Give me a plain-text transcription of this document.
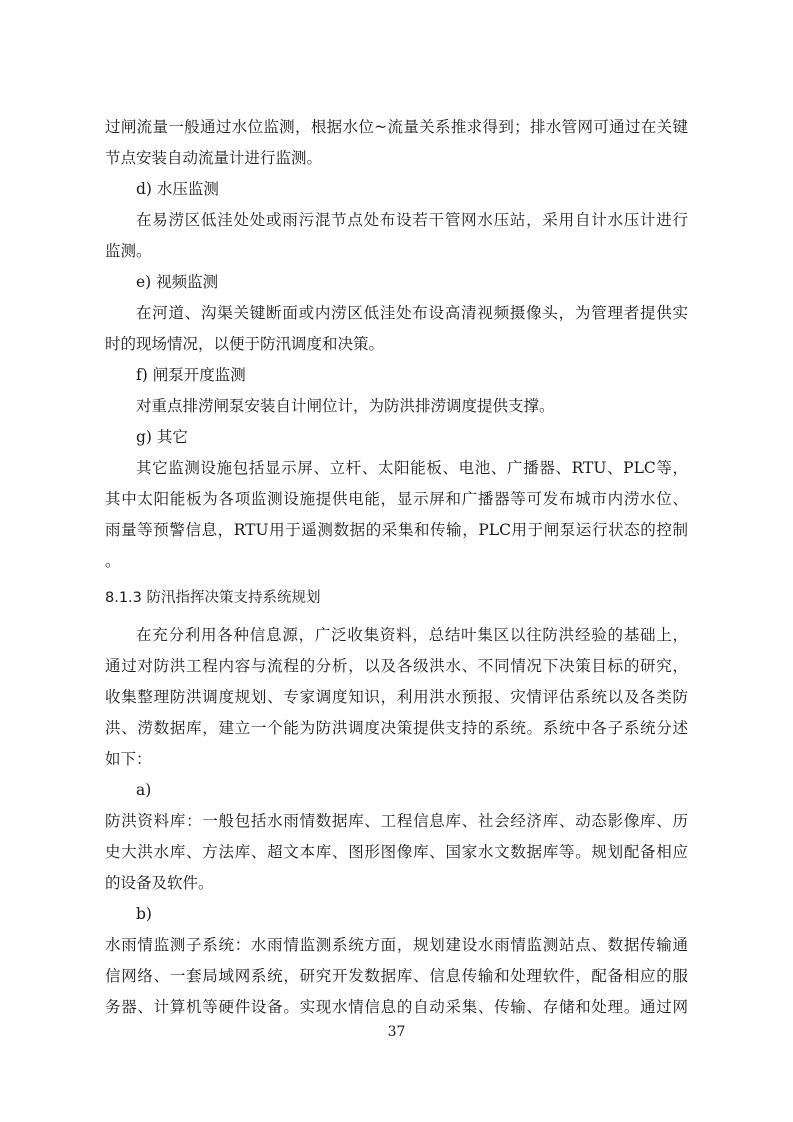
过闸流量一般通过水位监测，根据水位~流量关系推求得到；排水管网可通过在关键
节点安装自动流量计进行监测。
d) 水压监测
在易涝区低洼处处或雨污混节点处布设若干管网水压站，采用自计水压计进行
监测。
e) 视频监测
在河道、沟渠关键断面或内涝区低洼处布设高清视频摄像头，为管理者提供实
时的现场情况，以便于防汛调度和决策。
f) 闸泵开度监测
对重点排涝闸泵安装自计闸位计，为防洪排涝调度提供支撑。
g) 其它
其它监测设施包括显示屏、立杆、太阳能板、电池、广播器、RTU、PLC等，
其中太阳能板为各项监测设施提供电能，显示屏和广播器等可发布城市内涝水位、
雨量等预警信息，RTU用于遥测数据的采集和传输，PLC用于闸泵运行状态的控制
。
8.1.3 防汛指挥决策支持系统规划
在充分利用各种信息源，广泛收集资料，总结叶集区以往防洪经验的基础上，
通过对防洪工程内容与流程的分析，以及各级洪水、不同情况下决策目标的研究，
收集整理防洪调度规划、专家调度知识，利用洪水预报、灾情评估系统以及各类防
洪、涝数据库，建立一个能为防洪调度决策提供支持的系统。系统中各子系统分述
如下：
a)
防洪资料库：一般包括水雨情数据库、工程信息库、社会经济库、动态影像库、历
史大洪水库、方法库、超文本库、图形图像库、国家水文数据库等。规划配备相应
的设备及软件。
b)
水雨情监测子系统：水雨情监测系统方面，规划建设水雨情监测站点、数据传输通
信网络、一套局域网系统，研究开发数据库、信息传输和处理软件，配备相应的服
务器、计算机等硬件设备。实现水情信息的自动采集、传输、存储和处理。通过网
37
